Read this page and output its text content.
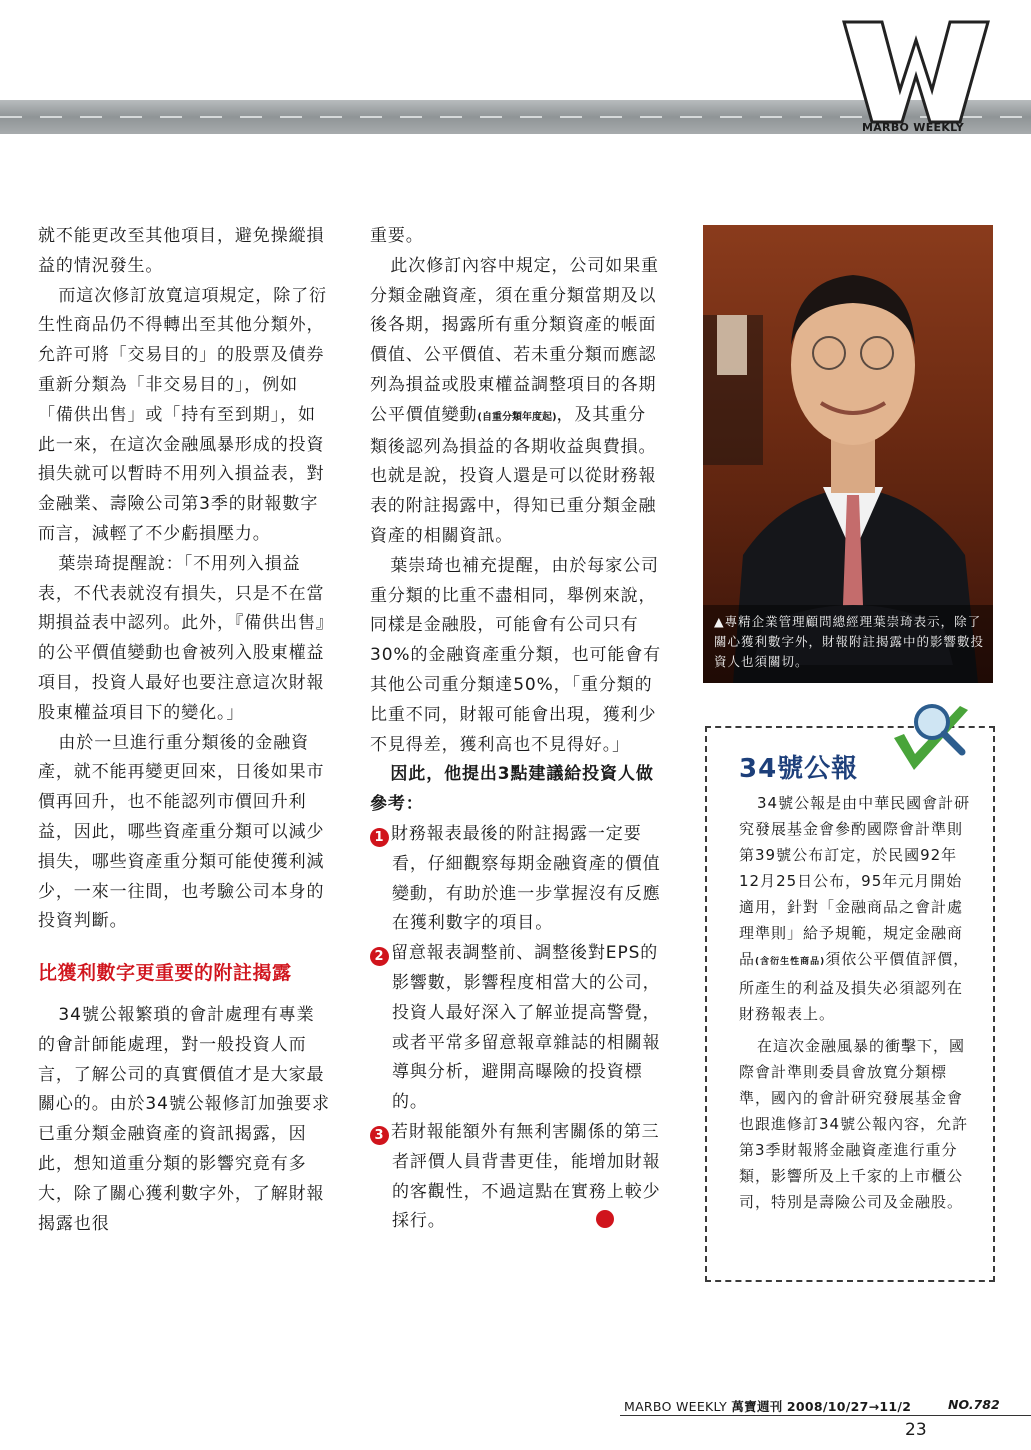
MARBO WEEKLY

就不能更改至其他項目，避免操縱損益的情況發生。

而這次修訂放寬這項規定，除了衍生性商品仍不得轉出至其他分類外，允許可將「交易目的」的股票及債券重新分類為「非交易目的」，例如「備供出售」或「持有至到期」，如此一來，在這次金融風暴形成的投資損失就可以暫時不用列入損益表，對金融業、壽險公司第3季的財報數字而言，減輕了不少虧損壓力。

葉崇琦提醒說：「不用列入損益表，不代表就沒有損失，只是不在當期損益表中認列。此外，『備供出售』的公平價值變動也會被列入股東權益項目，投資人最好也要注意這次財報股東權益項目下的變化。」

由於一旦進行重分類後的金融資產，就不能再變更回來，日後如果市價再回升，也不能認列市價回升利益，因此，哪些資產重分類可以減少損失，哪些資產重分類可能使獲利減少，一來一往間，也考驗公司本身的投資判斷。

比獲利數字更重要的附註揭露

34號公報繁瑣的會計處理有專業的會計師能處理，對一般投資人而言，了解公司的真實價值才是大家最關心的。由於34號公報修訂加強要求已重分類金融資產的資訊揭露，因此，想知道重分類的影響究竟有多大，除了關心獲利數字外，了解財報揭露也很

重要。

此次修訂內容中規定，公司如果重分類金融資產，須在重分類當期及以後各期，揭露所有重分類資產的帳面價值、公平價值、若未重分類而應認列為損益或股東權益調整項目的各期公平價值變動(自重分類年度起)，及其重分類後認列為損益的各期收益與費損。也就是說，投資人還是可以從財務報表的附註揭露中，得知已重分類金融資產的相關資訊。

葉崇琦也補充提醒，由於每家公司重分類的比重不盡相同，舉例來說，同樣是金融股，可能會有公司只有30%的金融資產重分類，也可能會有其他公司重分類達50%，「重分類的比重不同，財報可能會出現，獲利少不見得差，獲利高也不見得好。」

因此，他提出3點建議給投資人做參考：

1 財務報表最後的附註揭露一定要看，仔細觀察每期金融資產的價值變動，有助於進一步掌握沒有反應在獲利數字的項目。

2 留意報表調整前、調整後對EPS的影響數，影響程度相當大的公司，投資人最好深入了解並提高警覺，或者平常多留意報章雜誌的相關報導與分析，避開高曝險的投資標的。

3 若財報能額外有無利害關係的第三者評價人員背書更佳，能增加財報的客觀性，不過這點在實務上較少採行。

▲專精企業管理顧問總經理葉崇琦表示，除了關心獲利數字外，財報附註揭露中的影響數投資人也須關切。
34號公報

34號公報是由中華民國會計研究發展基金會參酌國際會計準則第39號公布訂定，於民國92年12月25日公布，95年元月開始適用，針對「金融商品之會計處理準則」給予規範，規定金融商品(含衍生性商品)須依公平價值評價，所產生的利益及損失必須認列在財務報表上。

在這次金融風暴的衝擊下，國際會計準則委員會放寬分類標準，國內的會計研究發展基金會也跟進修訂34號公報內容，允許第3季財報將金融資產進行重分類，影響所及上千家的上市櫃公司，特別是壽險公司及金融股。

MARBO WEEKLY 萬寶週刊 2008/10/27→11/2	NO.782
23
